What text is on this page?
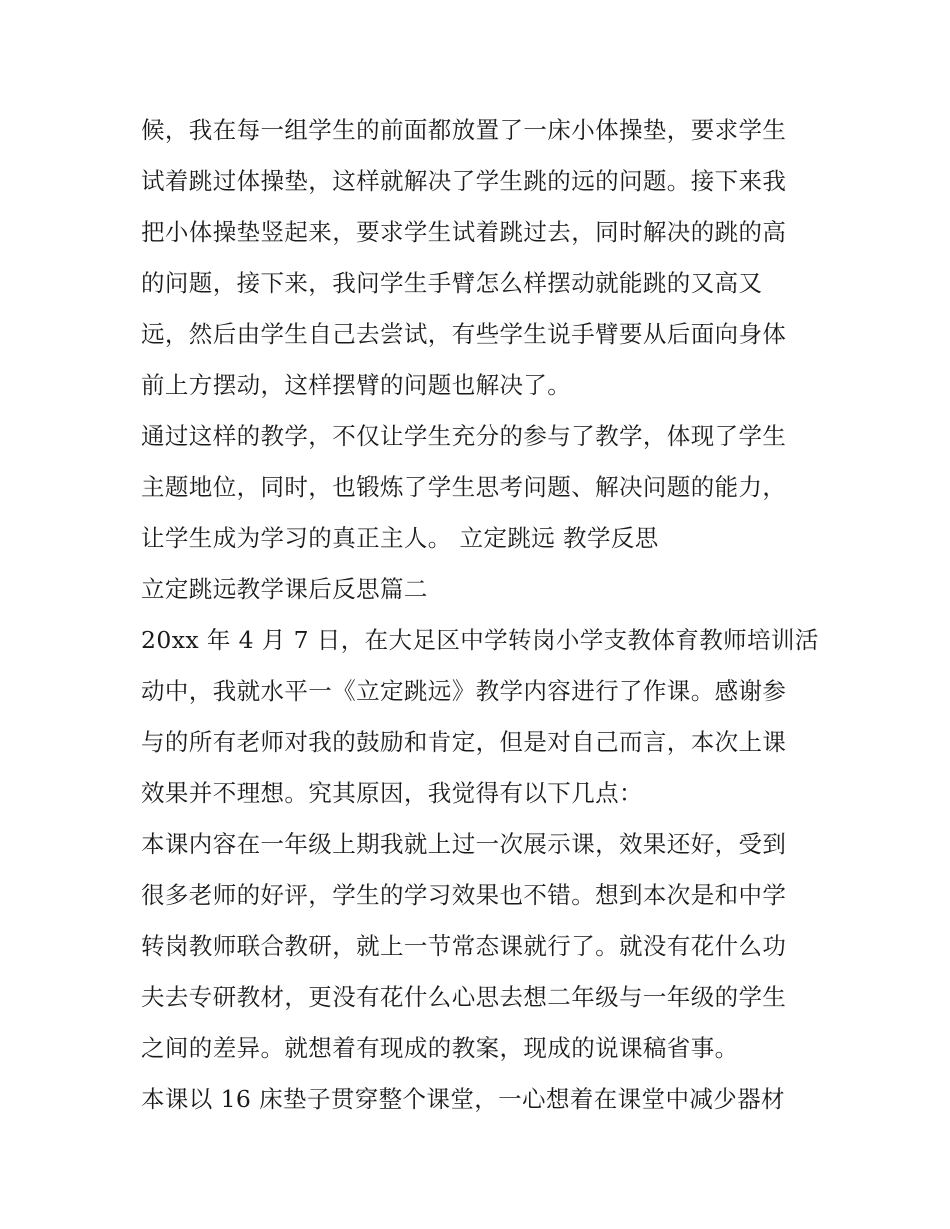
候，我在每一组学生的前面都放置了一床小体操垫，要求学生
试着跳过体操垫，这样就解决了学生跳的远的问题。接下来我
把小体操垫竖起来，要求学生试着跳过去，同时解决的跳的高
的问题，接下来，我问学生手臂怎么样摆动就能跳的又高又
远，然后由学生自己去尝试，有些学生说手臂要从后面向身体
前上方摆动，这样摆臂的问题也解决了。
通过这样的教学，不仅让学生充分的参与了教学，体现了学生
主题地位，同时，也锻炼了学生思考问题、解决问题的能力，
让学生成为学习的真正主人。 立定跳远 教学反思
立定跳远教学课后反思篇二
20xx 年 4 月 7 日，在大足区中学转岗小学支教体育教师培训活
动中，我就水平一《立定跳远》教学内容进行了作课。感谢参
与的所有老师对我的鼓励和肯定，但是对自己而言，本次上课
效果并不理想。究其原因，我觉得有以下几点：
本课内容在一年级上期我就上过一次展示课，效果还好，受到
很多老师的好评，学生的学习效果也不错。想到本次是和中学
转岗教师联合教研，就上一节常态课就行了。就没有花什么功
夫去专研教材，更没有花什么心思去想二年级与一年级的学生
之间的差异。就想着有现成的教案，现成的说课稿省事。
本课以 16 床垫子贯穿整个课堂，一心想着在课堂中减少器材
